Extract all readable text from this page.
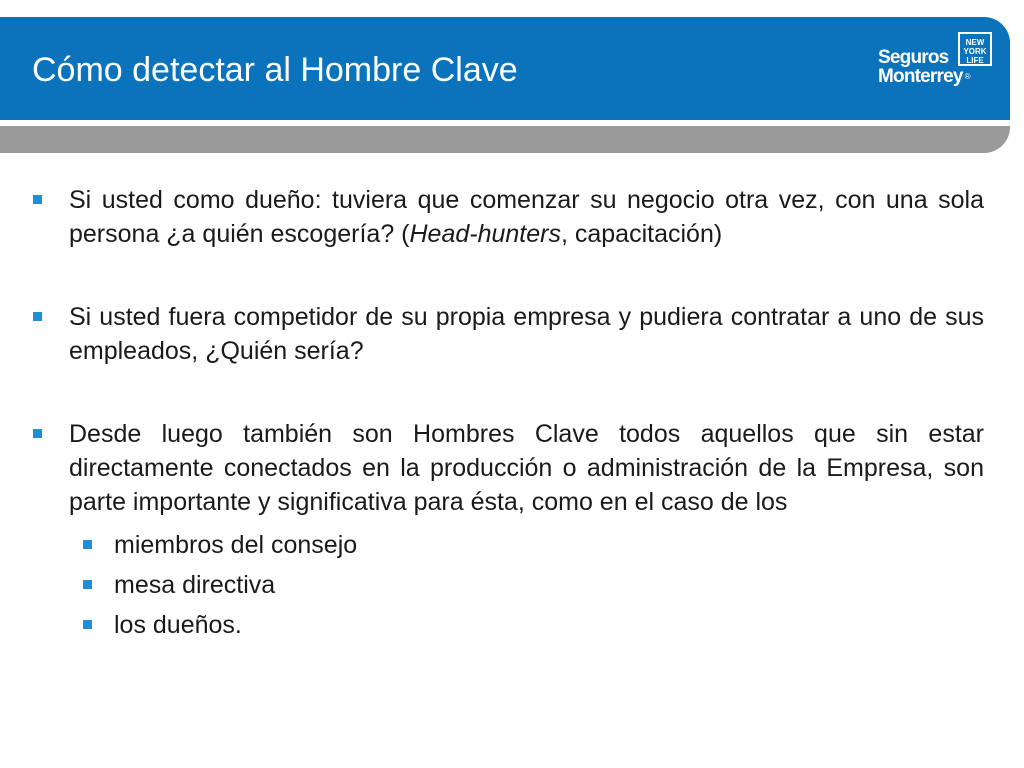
Cómo detectar al Hombre Clave	Seguros
Monterrey ®
NEW
YORK
LIFE
Si usted como dueño: tuviera que comenzar su negocio otra vez, con una sola persona ¿a quién escogería? (Head-hunters, capacitación)
Si usted fuera competidor de su propia empresa y pudiera contratar a uno de sus empleados, ¿Quién sería?
Desde luego también son Hombres Clave todos aquellos que sin estar directamente conectados en la producción o administración de la Empresa, son parte importante y significativa para ésta, como en el caso de los
miembros del consejo
mesa directiva
los dueños.
